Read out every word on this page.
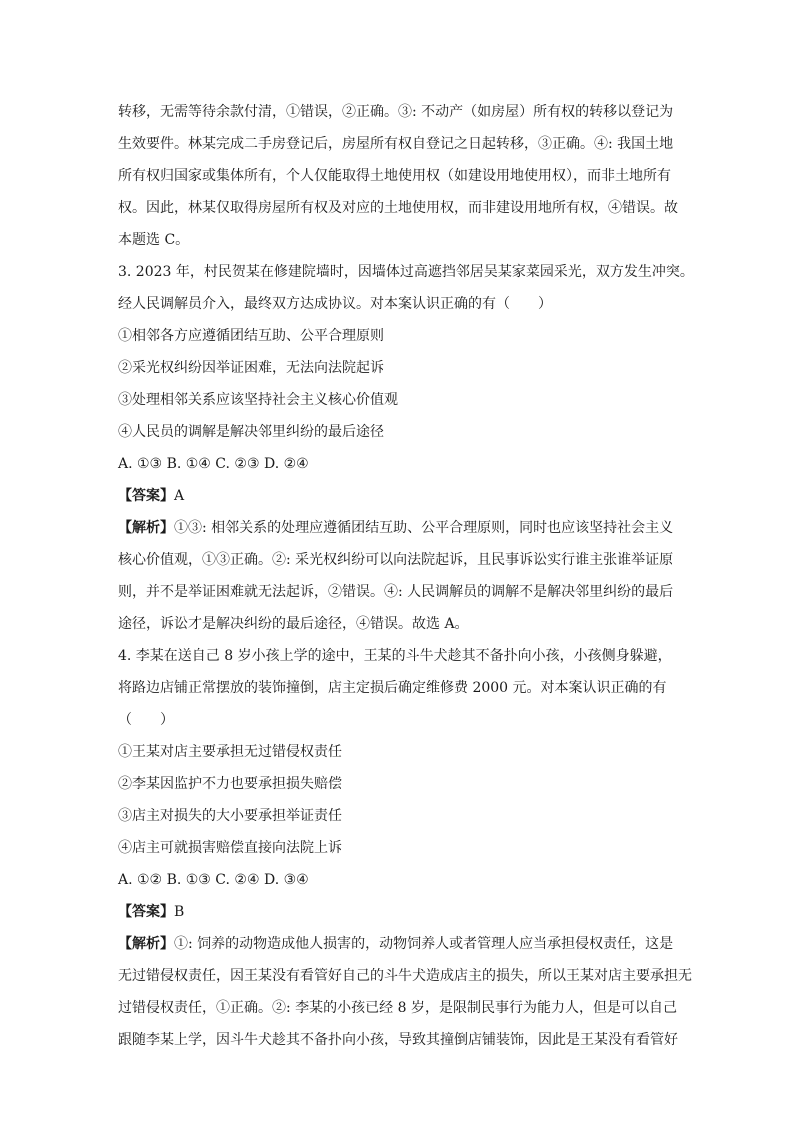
转移，无需等待余款付清，①错误，②正确。③: 不动产（如房屋）所有权的转移以登记为
生效要件。林某完成二手房登记后，房屋所有权自登记之日起转移，③正确。④: 我国土地
所有权归国家或集体所有，个人仅能取得土地使用权（如建设用地使用权），而非土地所有
权。因此，林某仅取得房屋所有权及对应的土地使用权，而非建设用地所有权，④错误。故
本题选 C。
3. 2023 年，村民贺某在修建院墙时，因墙体过高遮挡邻居吴某家菜园采光，双方发生冲突。
经人民调解员介入，最终双方达成协议。对本案认识正确的有（　　）
①相邻各方应遵循团结互助、公平合理原则
②采光权纠纷因举证困难，无法向法院起诉
③处理相邻关系应该坚持社会主义核心价值观
④人民员的调解是解决邻里纠纷的最后途径
A. ①③ B. ①④ C. ②③ D. ②④
【答案】A
【解析】①③: 相邻关系的处理应遵循团结互助、公平合理原则，同时也应该坚持社会主义
核心价值观，①③正确。②: 采光权纠纷可以向法院起诉，且民事诉讼实行谁主张谁举证原
则，并不是举证困难就无法起诉，②错误。④: 人民调解员的调解不是解决邻里纠纷的最后
途径，诉讼才是解决纠纷的最后途径，④错误。故选 A。
4. 李某在送自己 8 岁小孩上学的途中，王某的斗牛犬趁其不备扑向小孩，小孩侧身躲避，
将路边店铺正常摆放的装饰撞倒，店主定损后确定维修费 2000 元。对本案认识正确的有
（　　）
①王某对店主要承担无过错侵权责任
②李某因监护不力也要承担损失赔偿
③店主对损失的大小要承担举证责任
④店主可就损害赔偿直接向法院上诉
A. ①② B. ①③ C. ②④ D. ③④
【答案】B
【解析】①: 饲养的动物造成他人损害的，动物饲养人或者管理人应当承担侵权责任，这是
无过错侵权责任，因王某没有看管好自己的斗牛犬造成店主的损失，所以王某对店主要承担无
过错侵权责任，①正确。②: 李某的小孩已经 8 岁，是限制民事行为能力人，但是可以自己
跟随李某上学，因斗牛犬趁其不备扑向小孩，导致其撞倒店铺装饰，因此是王某没有看管好
